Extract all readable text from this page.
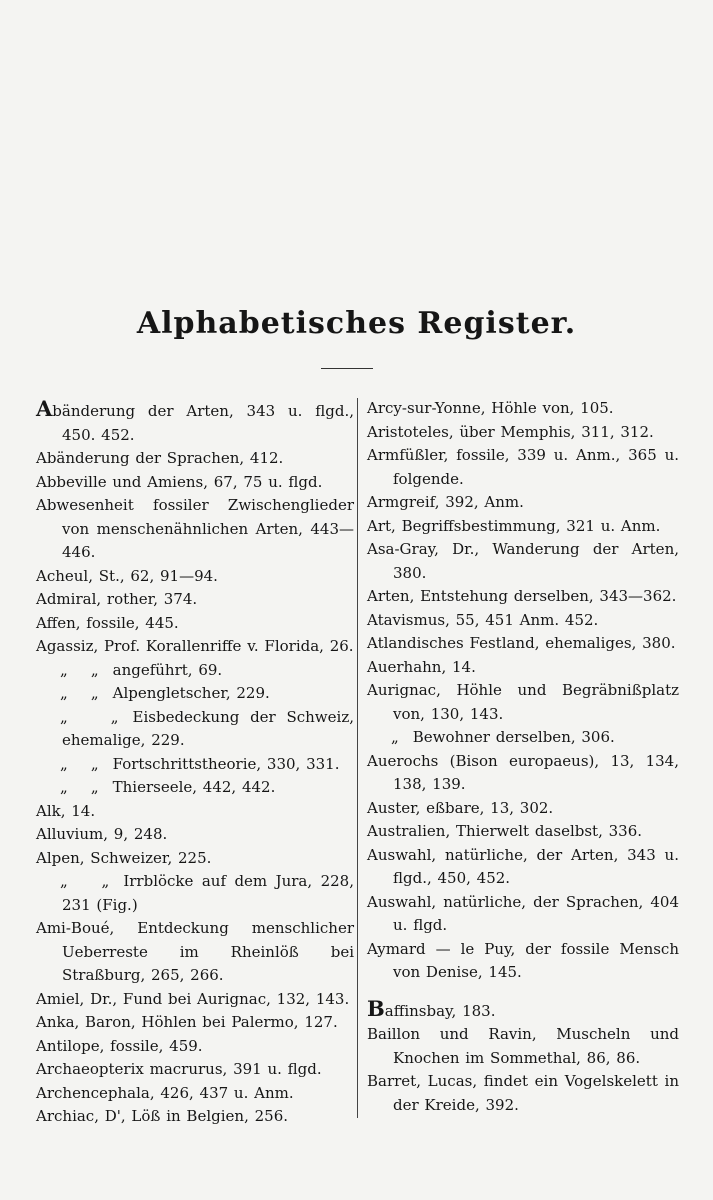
Alphabetisches Register.
Abänderung der Arten, 343 u. flgd., 450. 452.
Abänderung der Sprachen, 412.
Abbeville und Amiens, 67, 75 u. flgd.
Abwesenheit fossiler Zwischenglieder von menschenähnlichen Arten, 443—446.
Acheul, St., 62, 91—94.
Admiral, rother, 374.
Affen, fossile, 445.
Agassiz, Prof. Korallenriffe v. Florida, 26.
„    „ angeführt, 69.
„    „ Alpengletscher, 229.
„    „ Eisbedeckung der Schweiz, ehemalige, 229.
„    „ Fortschrittstheorie, 330, 331.
„    „ Thierseele, 442, 442.
Alk, 14.
Alluvium, 9, 248.
Alpen, Schweizer, 225.
„    „ Irrblöcke auf dem Jura, 228, 231 (Fig.)
Ami-Boué, Entdeckung menschlicher Ueberreste im Rheinlöß bei Straßburg, 265, 266.
Amiel, Dr., Fund bei Aurignac, 132, 143.
Anka, Baron, Höhlen bei Palermo, 127.
Antilope, fossile, 459.
Archaeopterix macrurus, 391 u. flgd.
Archencephala, 426, 437 u. Anm.
Archiac, D', Löß in Belgien, 256.
Arcy-sur-Yonne, Höhle von, 105.
Aristoteles, über Memphis, 311, 312.
Armfüßler, fossile, 339 u. Anm., 365 u. folgende.
Armgreif, 392, Anm.
Art, Begriffsbestimmung, 321 u. Anm.
Asa-Gray, Dr., Wanderung der Arten, 380.
Arten, Entstehung derselben, 343—362.
Atavismus, 55, 451 Anm. 452.
Atlandisches Festland, ehemaliges, 380.
Auerhahn, 14.
Aurignac, Höhle und Begräbnißplatz von, 130, 143.
„ Bewohner derselben, 306.
Auerochs (Bison europaeus), 13, 134, 138, 139.
Auster, eßbare, 13, 302.
Australien, Thierwelt daselbst, 336.
Auswahl, natürliche, der Arten, 343 u. flgd., 450, 452.
Auswahl, natürliche, der Sprachen, 404 u. flgd.
Aymard — le Puy, der fossile Mensch von Denise, 145.
Baffinsbay, 183.
Baillon und Ravin, Muscheln und Knochen im Sommethal, 86, 86.
Barret, Lucas, findet ein Vogelskelett in der Kreide, 392.
